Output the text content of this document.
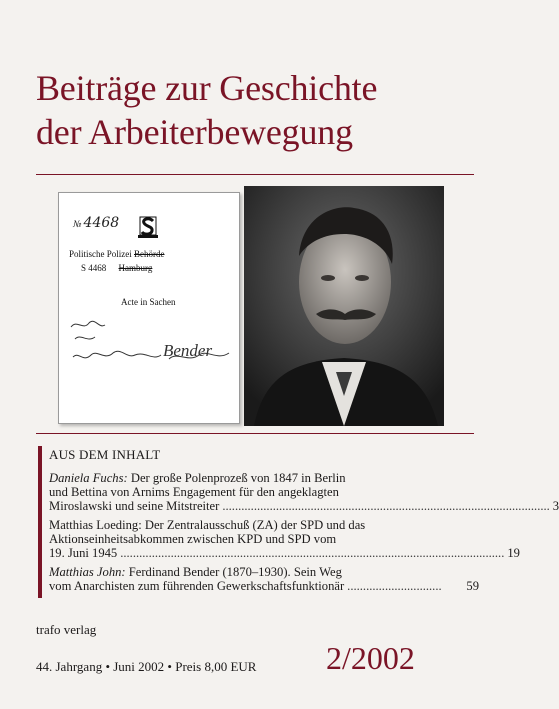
Beiträge zur Geschichte
der Arbeiterbewegung
№ 4468
Politische Polizei Behörde
S 4468 Hamburg
Acte in Sachen
Bender
AUS DEM INHALT
Daniela Fuchs: Der große Polenprozeß von 1847 in Berlin
und Bettina von Arnims Engagement für den angeklagten
Miroslawski und seine Mitstreiter ........................................................................................................ 3
Matthias Loeding: Der Zentralausschuß (ZA) der SPD und das
Aktionseinheitsabkommen zwischen KPD und SPD vom
19. Juni 1945 .......................................................................................................................... 19
Matthias John: Ferdinand Bender (1870–1930). Sein Weg
vom Anarchisten zum führenden Gewerkschaftsfunktionär ..............................	59
trafo verlag
44. Jahrgang • Juni 2002 • Preis 8,00 EUR 2/2002
